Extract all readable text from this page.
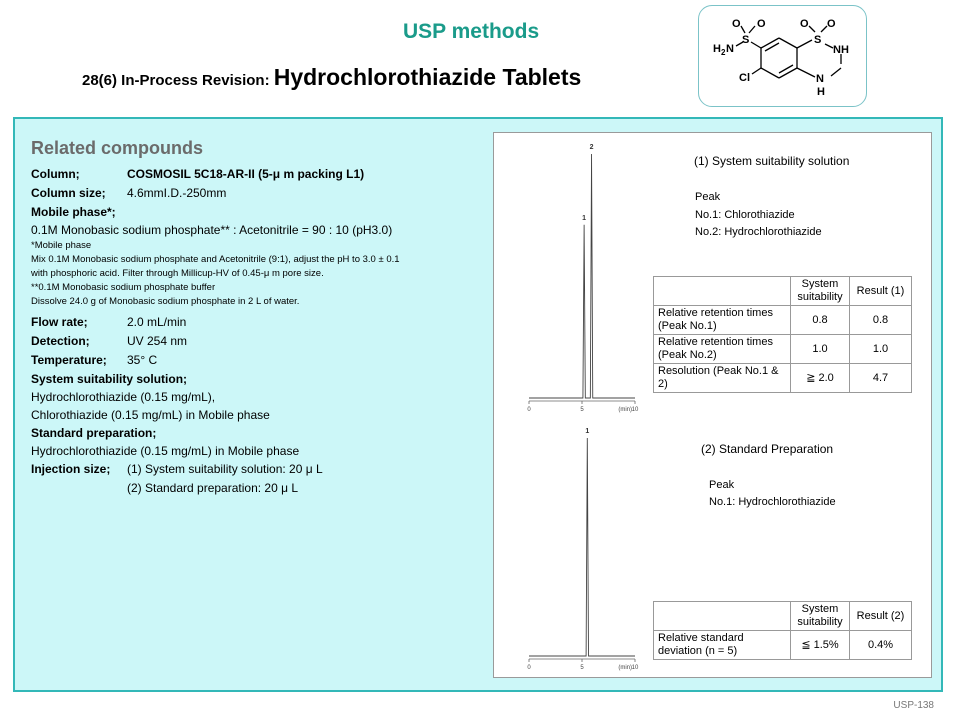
USP methods
28(6) In-Process Revision: Hydrochlorothiazide Tablets
O O
S
H 2 N
O O
S
NH
N
H
Cl
Related compounds
Column;	COSMOSIL 5C18-AR-II (5-μ m packing L1)
Column size;	4.6mmI.D.-250mm
Mobile phase*;
0.1M Monobasic sodium phosphate** : Acetonitrile = 90 : 10 (pH3.0)
*Mobile phase
Mix 0.1M Monobasic sodium phosphate and Acetonitrile (9:1), adjust the pH to 3.0 ± 0.1
with phosphoric acid. Filter through Millicup-HV of 0.45-μ m pore size.
**0.1M Monobasic sodium phosphate buffer
Dissolve 24.0 g of Monobasic sodium phosphate in 2 L of water.
Flow rate;	2.0 mL/min
Detection;	UV 254 nm
Temperature;	35° C
System suitability solution;
Hydrochlorothiazide (0.15 mg/mL),
Chlorothiazide (0.15 mg/mL) in Mobile phase
Standard preparation;
Hydrochlorothiazide (0.15 mg/mL) in Mobile phase
Injection size;	(1) System suitability solution: 20 μ L
(2) Standard preparation: 20 μ L
0	5	10
(min)
1
2
0	5	10
(min)
1
(1) System suitability solution
Peak
No.1: Chlorothiazide
No.2: Hydrochlorothiazide
	System suitability	Result (1)
Relative retention times (Peak No.1)	0.8	0.8
Relative retention times (Peak No.2)	1.0	1.0
Resolution (Peak No.1 & 2)	≧ 2.0	4.7
(2) Standard Preparation
Peak
No.1: Hydrochlorothiazide
	System suitability	Result (2)
Relative standard deviation (n = 5)	≦ 1.5%	0.4%
USP-138
